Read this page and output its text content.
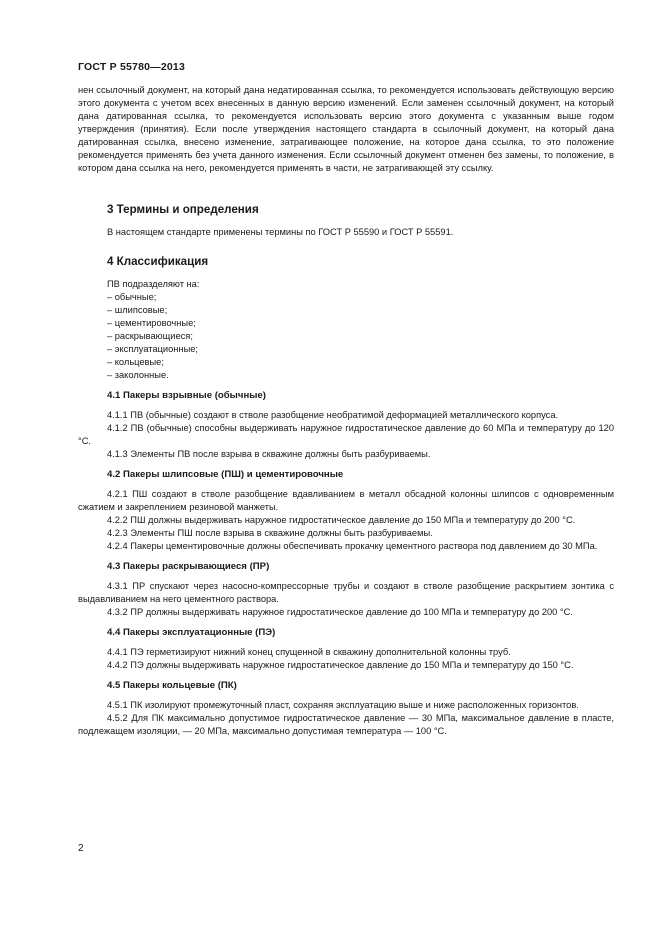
ГОСТ Р 55780—2013

нен ссылочный документ, на который дана недатированная ссылка, то рекомендуется использовать действующую версию этого документа с учетом всех внесенных в данную версию изменений. Если заменен ссылочный документ, на который дана датированная ссылка, то рекомендуется использовать версию этого документа с указанным выше годом утверждения (принятия). Если после утверждения настоящего стандарта в ссылочный документ, на который дана датированная ссылка, внесено изменение, затрагивающее положение, на которое дана ссылка, то это положение рекомендуется применять без учета данного изменения. Если ссылочный документ отменен без замены, то положение, в котором дана ссылка на него, рекомендуется применять в части, не затрагивающей эту ссылку.

3 Термины и определения

В настоящем стандарте применены термины по ГОСТ Р 55590 и ГОСТ Р 55591.

4 Классификация

ПВ подразделяют на:

– обычные;
– шлипсовые;
– цементировочные;
– раскрывающиеся;
– эксплуатационные;
– кольцевые;
– заколонные.
4.1 Пакеры взрывные (обычные)

4.1.1 ПВ (обычные) создают в стволе разобщение необратимой деформацией металлического корпуса.

4.1.2 ПВ (обычные) способны выдерживать наружное гидростатическое давление до 60 МПа и температуру до 120 °С.

4.1.3 Элементы ПВ после взрыва в скважине должны быть разбуриваемы.

4.2 Пакеры шлипсовые (ПШ) и цементировочные

4.2.1 ПШ создают в стволе разобщение вдавливанием в металл обсадной колонны шлипсов с одновременным сжатием и закреплением резиновой манжеты.

4.2.2 ПШ должны выдерживать наружное гидростатическое давление до 150 МПа и температуру до 200 °С.

4.2.3 Элементы ПШ после взрыва в скважине должны быть разбуриваемы.

4.2.4 Пакеры цементировочные должны обеспечивать прокачку цементного раствора под давлением до 30 МПа.

4.3 Пакеры раскрывающиеся (ПР)

4.3.1 ПР спускают через насосно-компрессорные трубы и создают в стволе разобщение раскрытием зонтика с выдавливанием на него цементного раствора.

4.3.2 ПР должны выдерживать наружное гидростатическое давление до 100 МПа и температуру до 200 °С.

4.4 Пакеры эксплуатационные (ПЭ)

4.4.1 ПЭ герметизируют нижний конец спущенной в скважину дополнительной колонны труб.

4.4.2 ПЭ должны выдерживать наружное гидростатическое давление до 150 МПа и температуру до 150 °С.

4.5 Пакеры кольцевые (ПК)

4.5.1 ПК изолируют промежуточный пласт, сохраняя эксплуатацию выше и ниже расположенных горизонтов.

4.5.2 Для ПК максимально допустимое гидростатическое давление — 30 МПа, максимальное давление в пласте, подлежащем изоляции, — 20 МПа, максимально допустимая температура — 100 °С.

2
